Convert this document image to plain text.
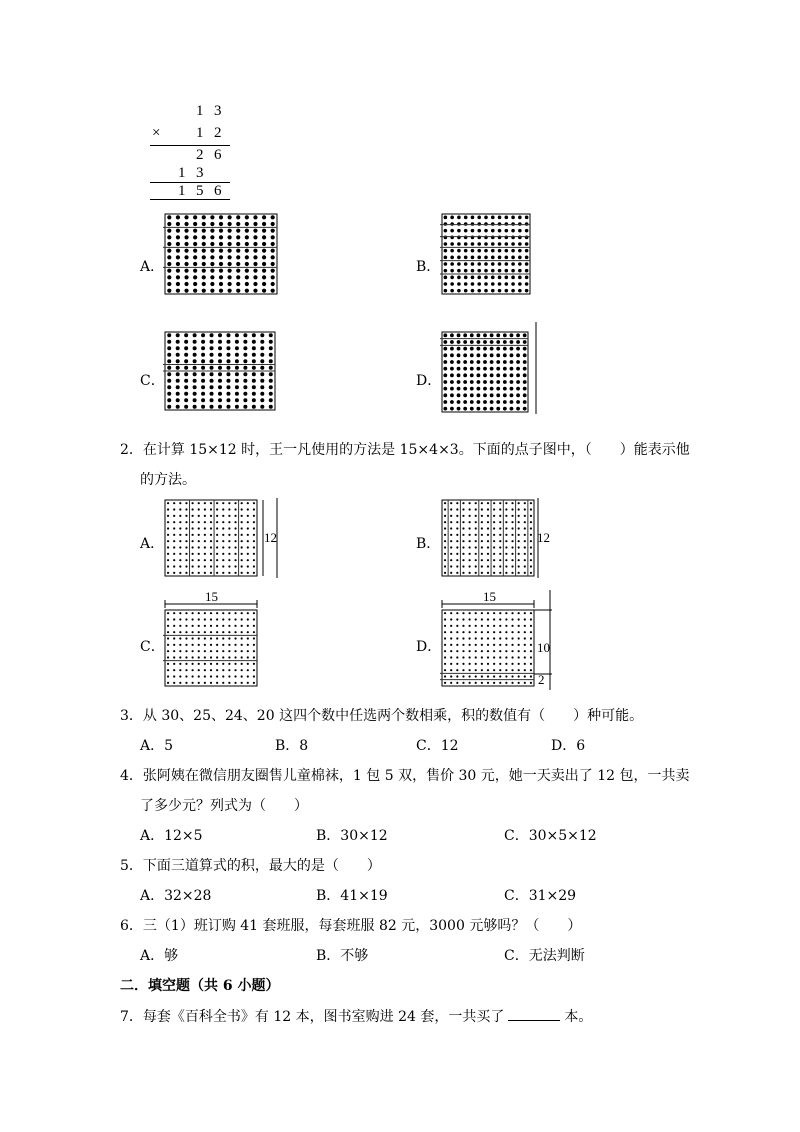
1 3
× 1 2
2 6
1 3
1 5 6
A．	B．
C．	D．
2．在计算 15×12 时，王一凡使用的方法是 15×4×3。下面的点子图中，（　　）能表示他
的方法。
A．	12	B．	12
15
C．
15
D．	10
2
3．从 30、25、24、20 这四个数中任选两个数相乘，积的数值有（　　）种可能。
A．5	B．8	C．12	D．6
4．张阿姨在微信朋友圈售儿童棉袜，1 包 5 双，售价 30 元，她一天卖出了 12 包，一共卖
了多少元？列式为（　　）
A．12×5	B．30×12	C．30×5×12
5．下面三道算式的积，最大的是（　　）
A．32×28	B．41×19	C．31×29
6．三（1）班订购 41 套班服，每套班服 82 元，3000 元够吗？（　　）
A．够	B．不够	C．无法判断
二．填空题（共 6 小题）
7．每套《百科全书》有 12 本，图书室购进 24 套，一共买了	本。
